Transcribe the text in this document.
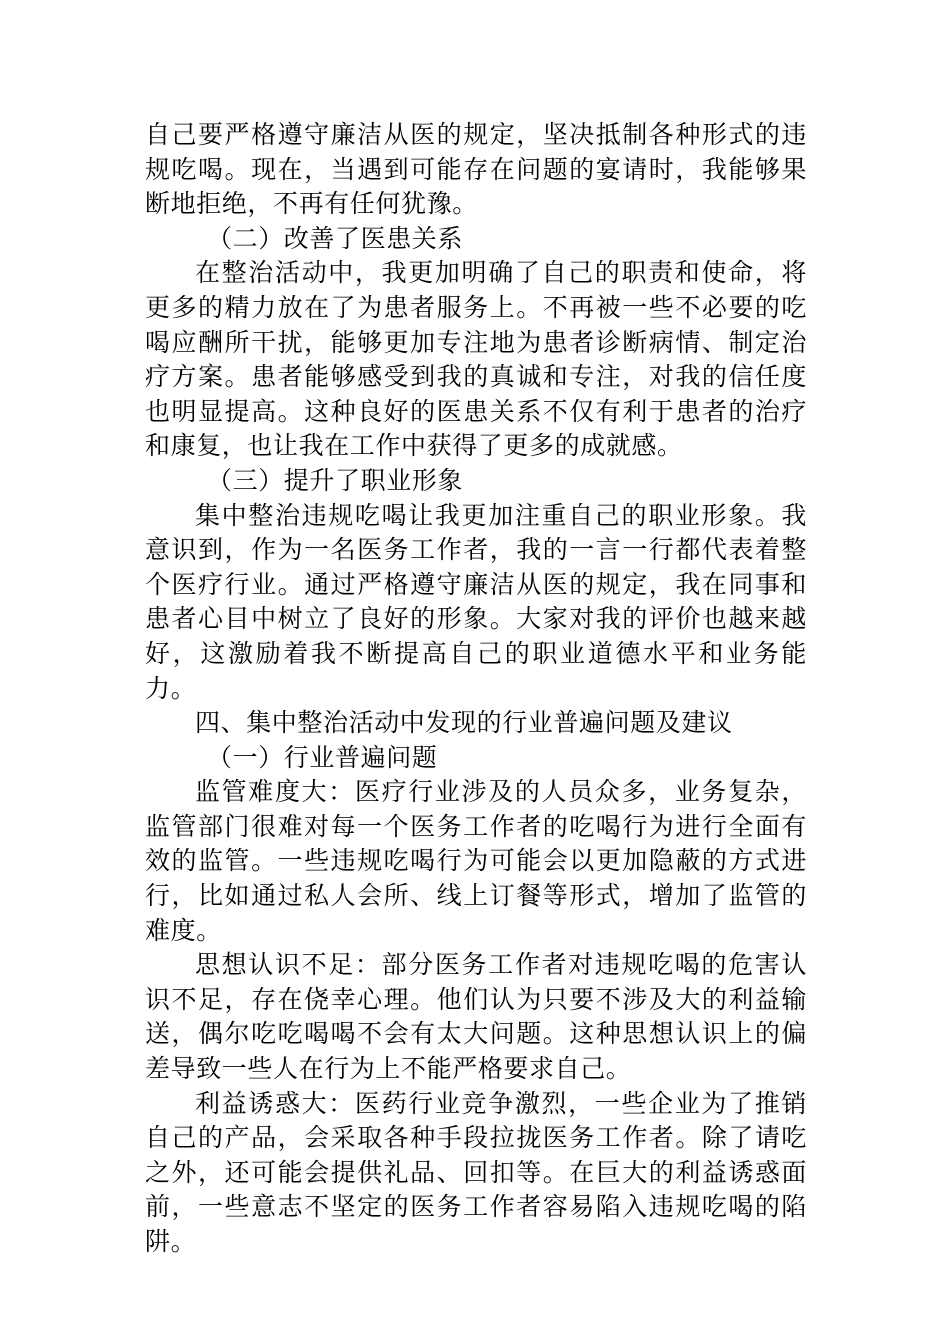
自己要严格遵守廉洁从医的规定，坚决抵制各种形式的违规吃喝。现在，当遇到可能存在问题的宴请时，我能够果断地拒绝，不再有任何犹豫。

（二）改善了医患关系

在整治活动中，我更加明确了自己的职责和使命，将更多的精力放在了为患者服务上。不再被一些不必要的吃喝应酬所干扰，能够更加专注地为患者诊断病情、制定治疗方案。患者能够感受到我的真诚和专注，对我的信任度也明显提高。这种良好的医患关系不仅有利于患者的治疗和康复，也让我在工作中获得了更多的成就感。

（三）提升了职业形象

集中整治违规吃喝让我更加注重自己的职业形象。我意识到，作为一名医务工作者，我的一言一行都代表着整个医疗行业。通过严格遵守廉洁从医的规定，我在同事和患者心目中树立了良好的形象。大家对我的评价也越来越好，这激励着我不断提高自己的职业道德水平和业务能力。

四、集中整治活动中发现的行业普遍问题及建议

（一）行业普遍问题

监管难度大：医疗行业涉及的人员众多，业务复杂，监管部门很难对每一个医务工作者的吃喝行为进行全面有效的监管。一些违规吃喝行为可能会以更加隐蔽的方式进行，比如通过私人会所、线上订餐等形式，增加了监管的难度。

思想认识不足：部分医务工作者对违规吃喝的危害认识不足，存在侥幸心理。他们认为只要不涉及大的利益输送，偶尔吃吃喝喝不会有太大问题。这种思想认识上的偏差导致一些人在行为上不能严格要求自己。

利益诱惑大：医药行业竞争激烈，一些企业为了推销自己的产品，会采取各种手段拉拢医务工作者。除了请吃之外，还可能会提供礼品、回扣等。在巨大的利益诱惑面前，一些意志不坚定的医务工作者容易陷入违规吃喝的陷阱。
